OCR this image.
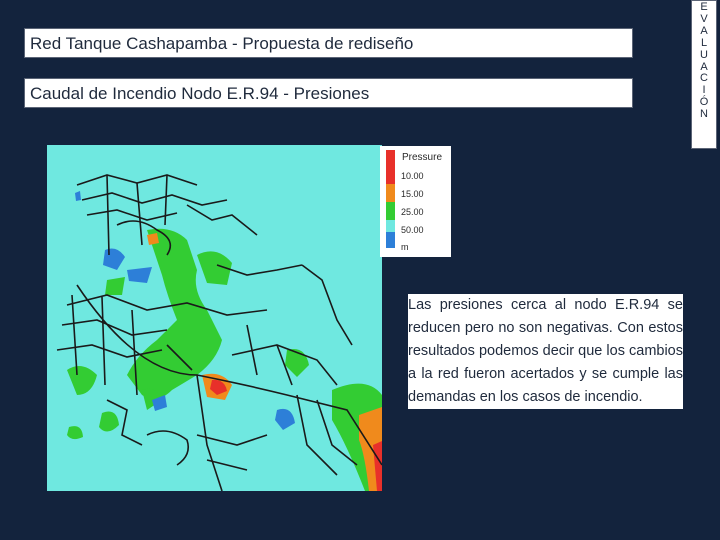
Red Tanque Cashapamba - Propuesta de rediseño
Caudal de Incendio Nodo E.R.94 - Presiones
E
V
A
L
U
A
C
I
Ó
N
Pressure
10.00
15.00
25.00
50.00
m
Las presiones cerca al nodo E.R.94 se reducen pero no son negativas. Con estos resultados podemos decir que los cambios a la red fueron acertados y se cumple las demandas en los casos de incendio.
